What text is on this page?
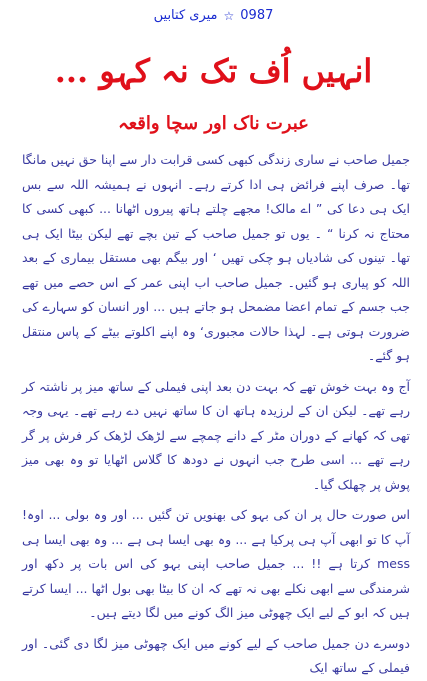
میری کتابیں ☆ 0987
انہیں اُف تک نہ کہو ...
عبرت ناک اور سچا واقعہ

جمیل صاحب نے ساری زندگی کبھی کسی قرابت دار سے اپنا حق نہیں مانگا تھا۔ صرف اپنے فرائض ہی ادا کرتے رہے۔ انہوں نے ہمیشہ اللہ سے بس ایک ہی دعا کی ” اے مالک! مجھے چلتے ہاتھ پیروں اٹھانا ... کبھی کسی کا محتاج نہ کرنا “ ۔ یوں تو جمیل صاحب کے تین بچے تھے لیکن بیٹا ایک ہی تھا۔ تینوں کی شادیاں ہو چکی تھیں ‘ اور بیگم بھی مستقل بیماری کے بعد اللہ کو پیاری ہو گئیں۔ جمیل صاحب اب اپنی عمر کے اس حصے میں تھے جب جسم کے تمام اعضا مضمحل ہو جاتے ہیں ... اور انسان کو سہارے کی ضرورت ہوتی ہے۔ لہذا حالات مجبوری‘ وہ اپنے اکلوتے بیٹے کے پاس منتقل ہو گئے۔

آج وہ بہت خوش تھے کہ بہت دن بعد اپنی فیملی کے ساتھ میز پر ناشتہ کر رہے تھے۔ لیکن ان کے لرزیدہ ہاتھ ان کا ساتھ نہیں دے رہے تھے۔ یہی وجہ تھی کہ کھانے کے دوران مٹر کے دانے چمچے سے لڑھک لڑھک کر فرش پر گر رہے تھے ... اسی طرح جب انہوں نے دودھ کا گلاس اٹھایا تو وہ بھی میز پوش پر چھلک گیا۔

اس صورت حال پر ان کی بہو کی بھنویں تن گئیں ... اور وہ بولی ... اوہ! آپ کا تو ابھی آپ ہی پرکیا ہے ... وہ بھی ایسا ہی ہے ... وہ بھی ایسا ہی mess کرتا ہے !! ... جمیل صاحب اپنی بہو کی اس بات پر دکھ اور شرمندگی سے ابھی نکلے بھی نہ تھے کہ ان کا بیٹا بھی بول اٹھا ... ایسا کرتے ہیں کہ ابو کے لیے ایک چھوٹی میز الگ کونے میں لگا دیتے ہیں۔

دوسرے دن جمیل صاحب کے لیے کونے میں ایک چھوٹی میز لگا دی گئی۔ اور فیملی کے ساتھ ایک
